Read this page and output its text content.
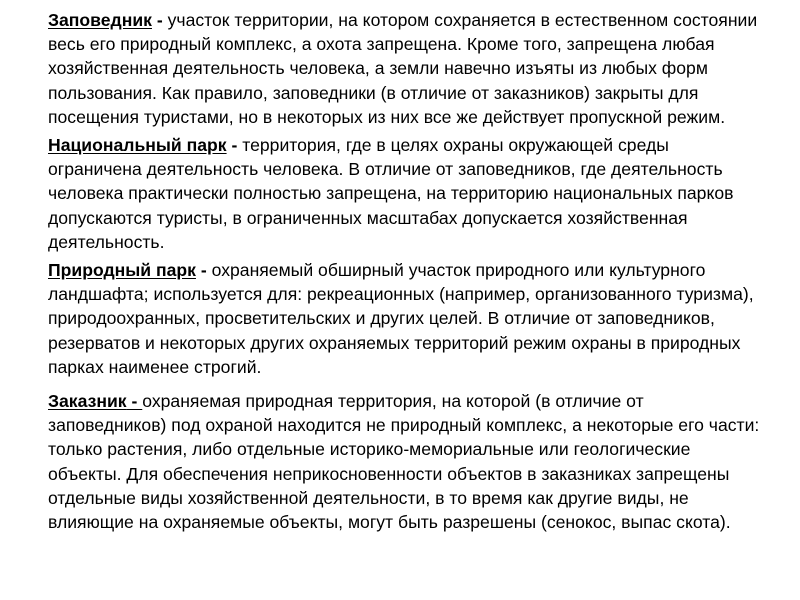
Заповедник - участок территории, на котором сохраняется в естественном состоянии весь его природный комплекс, а охота запрещена. Кроме того, запрещена любая хозяйственная деятельность человека, а земли навечно изъяты из любых форм пользования. Как правило, заповедники (в отличие от заказников) закрыты для посещения туристами, но в некоторых из них все же действует пропускной режим.

Национальный парк - территория, где в целях охраны окружающей среды ограничена деятельность человека. В отличие от заповедников, где деятельность человека практически полностью запрещена, на территорию национальных парков допускаются туристы, в ограниченных масштабах допускается хозяйственная деятельность.

Природный парк - охраняемый обширный участок природного или культурного ландшафта; используется для: рекреационных (например, организованного туризма), природоохранных, просветительских и других целей. В отличие от заповедников, резерватов и некоторых других охраняемых территорий режим охраны в природных парках наименее строгий.

Заказник - охраняемая природная территория, на которой (в отличие от заповедников) под охраной находится не природный комплекс, а некоторые его части: только растения, либо отдельные историко-мемориальные или геологические объекты. Для обеспечения неприкосновенности объектов в заказниках запрещены отдельные виды хозяйственной деятельности, в то время как другие виды, не влияющие на охраняемые объекты, могут быть разрешены (сенокос, выпас скота).
